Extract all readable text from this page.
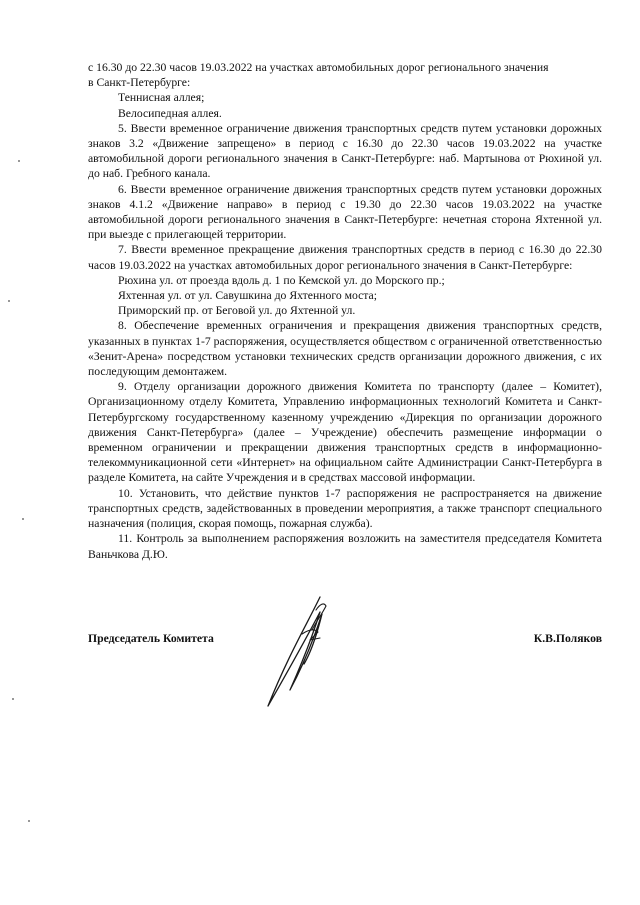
с 16.30 до 22.30 часов 19.03.2022 на участках автомобильных дорог регионального значения

в Санкт-Петербурге:

Теннисная аллея;

Велосипедная аллея.

5. Ввести временное ограничение движения транспортных средств путем установки дорожных знаков 3.2 «Движение запрещено» в период с 16.30 до 22.30 часов 19.03.2022 на участке автомобильной дороги регионального значения в Санкт-Петербурге: наб. Мартынова от Рюхиной ул. до наб. Гребного канала.

6. Ввести временное ограничение движения транспортных средств путем установки дорожных знаков 4.1.2 «Движение направо» в период с 19.30 до 22.30 часов 19.03.2022 на участке автомобильной дороги регионального значения в Санкт-Петербурге: нечетная сторона Яхтенной ул. при выезде с прилегающей территории.

7. Ввести временное прекращение движения транспортных средств в период с 16.30 до 22.30 часов 19.03.2022 на участках автомобильных дорог регионального значения в Санкт-Петербурге:

Рюхина ул. от проезда вдоль д. 1 по Кемской ул. до Морского пр.;

Яхтенная ул. от ул. Савушкина до Яхтенного моста;

Приморский пр. от Беговой ул. до Яхтенной ул.

8. Обеспечение временных ограничения и прекращения движения транспортных средств, указанных в пунктах 1-7 распоряжения, осуществляется обществом с ограниченной ответственностью «Зенит-Арена» посредством установки технических средств организации дорожного движения, с их последующим демонтажем.

9. Отделу организации дорожного движения Комитета по транспорту (далее – Комитет), Организационному отделу Комитета, Управлению информационных технологий Комитета и Санкт-Петербургскому государственному казенному учреждению «Дирекция по организации дорожного движения Санкт-Петербурга» (далее – Учреждение) обеспечить размещение информации о временном ограничении и прекращении движения транспортных средств в информационно-телекоммуникационной сети «Интернет» на официальном сайте Администрации Санкт-Петербурга в разделе Комитета, на сайте Учреждения и в средствах массовой информации.

10. Установить, что действие пунктов 1-7 распоряжения не распространяется на движение транспортных средств, задействованных в проведении мероприятия, а также транспорт специального назначения (полиция, скорая помощь, пожарная служба).

11. Контроль за выполнением распоряжения возложить на заместителя председателя Комитета Ваньчкова Д.Ю.

Председатель Комитета	К.В.Поляков
